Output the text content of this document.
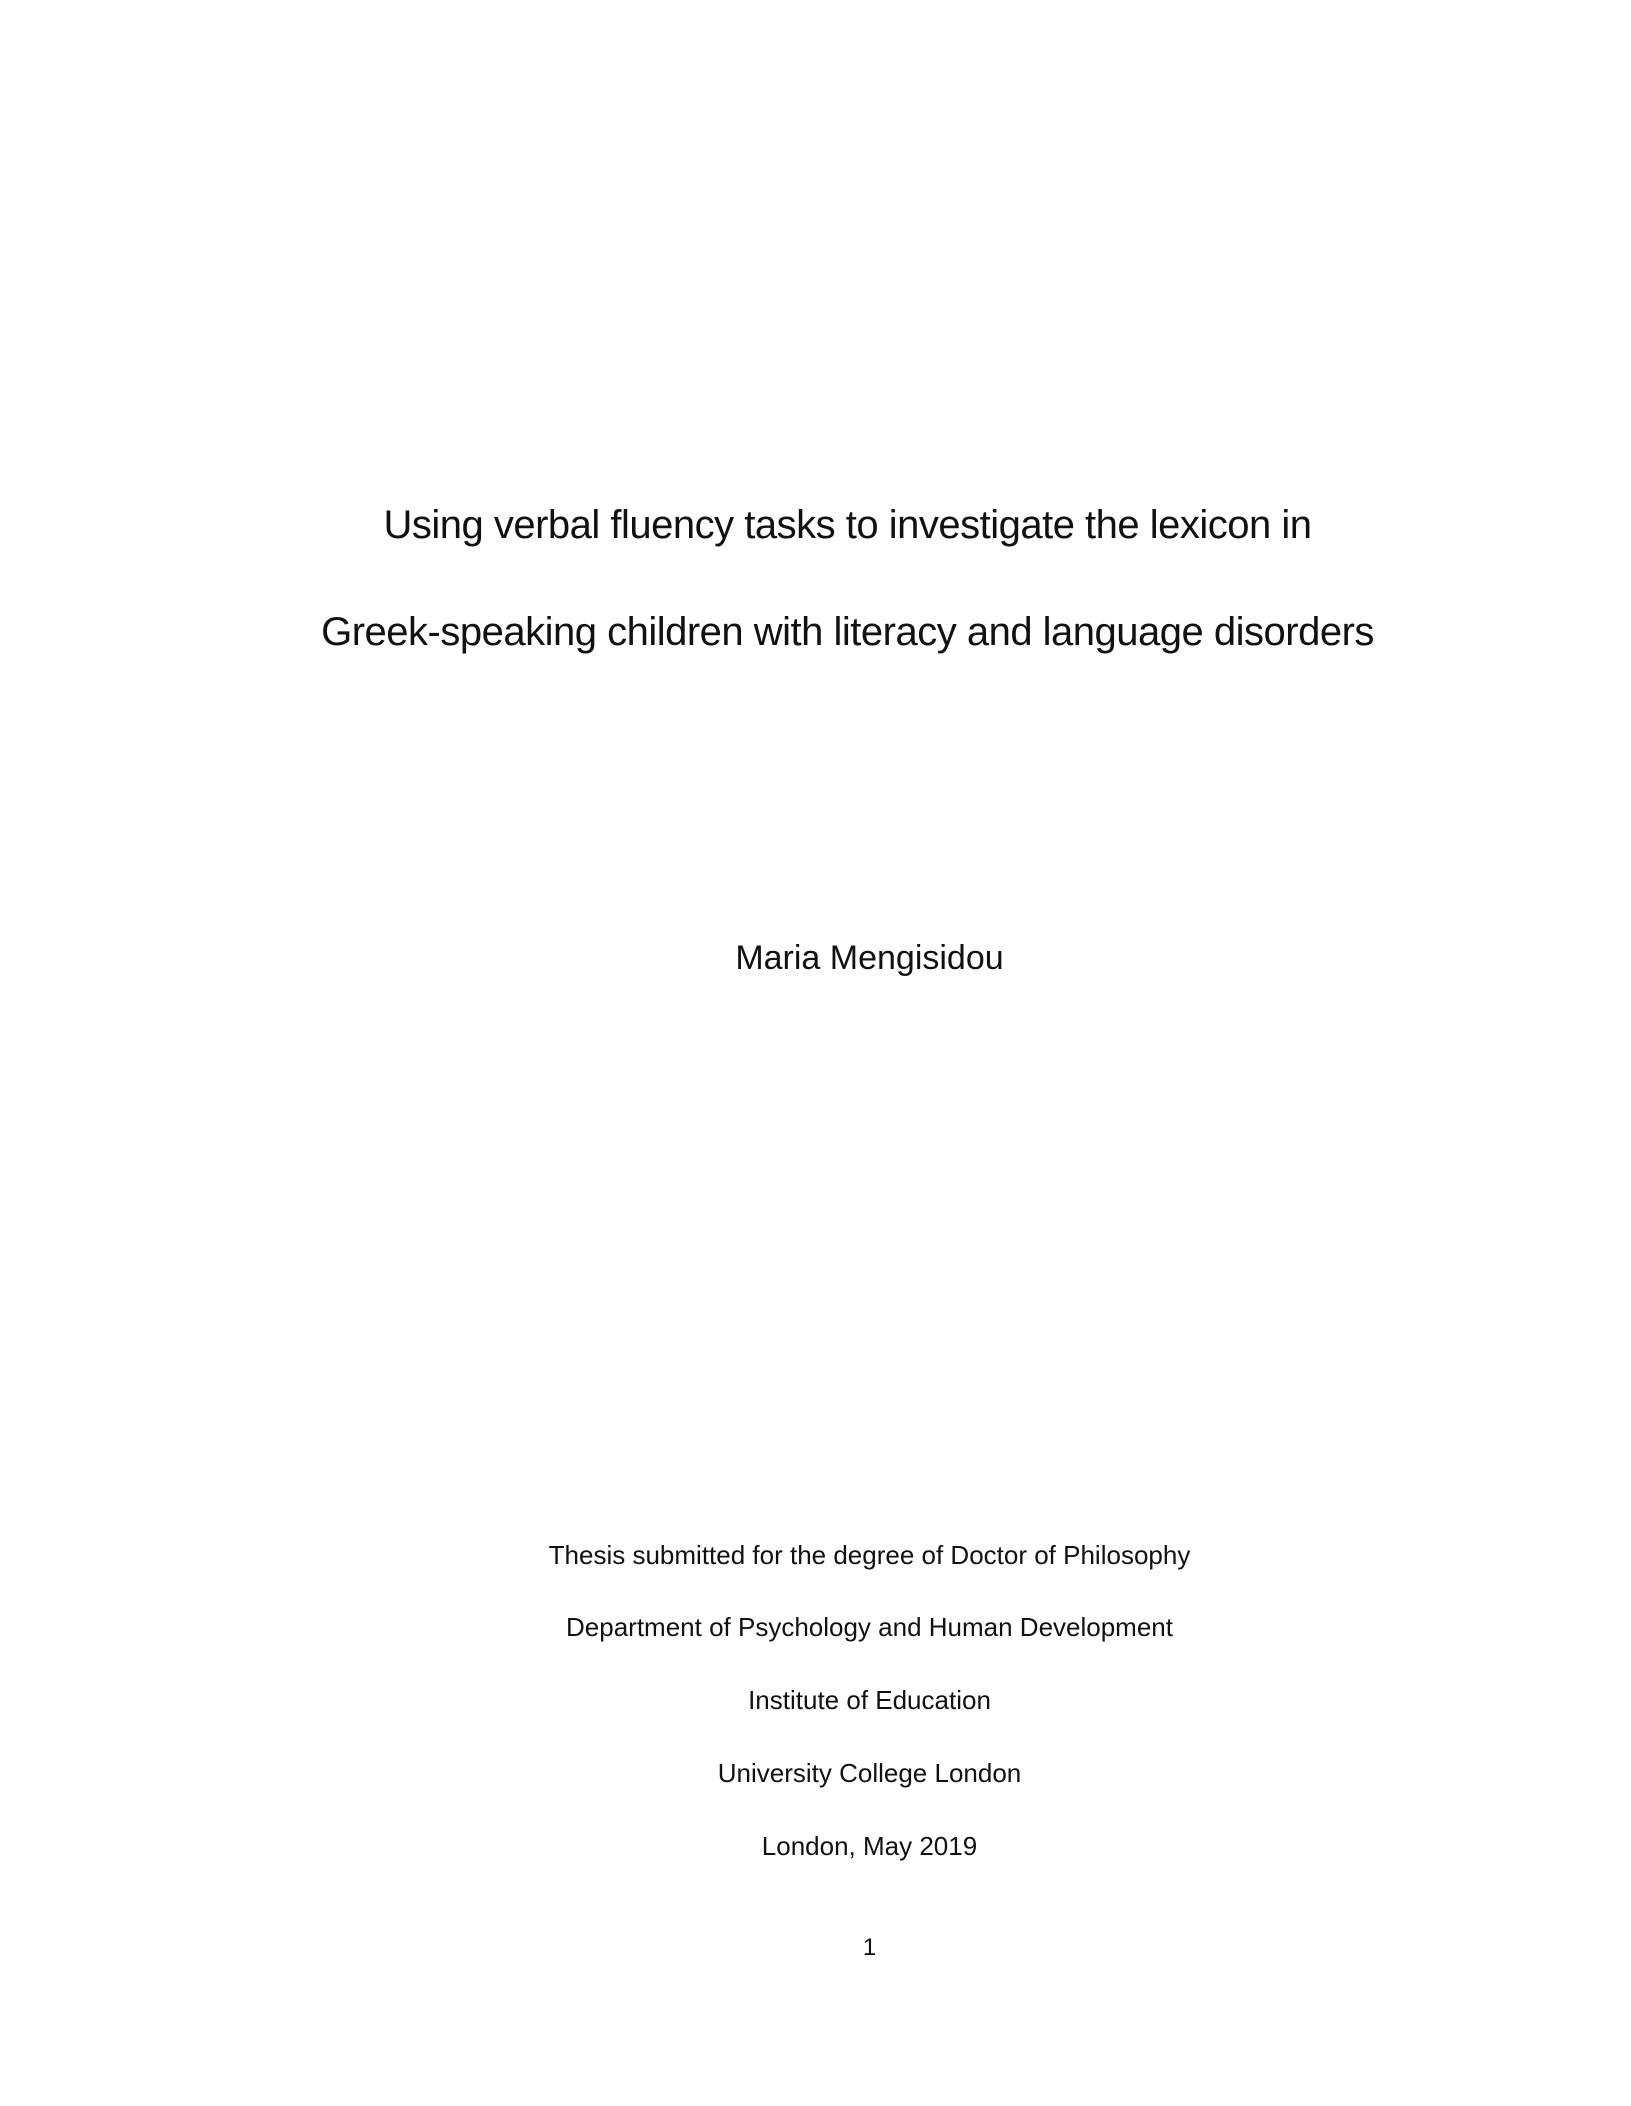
Using verbal fluency tasks to investigate the lexicon in
Greek-speaking children with literacy and language disorders
Maria Mengisidou
Thesis submitted for the degree of Doctor of Philosophy
Department of Psychology and Human Development
Institute of Education
University College London
London, May 2019
1
